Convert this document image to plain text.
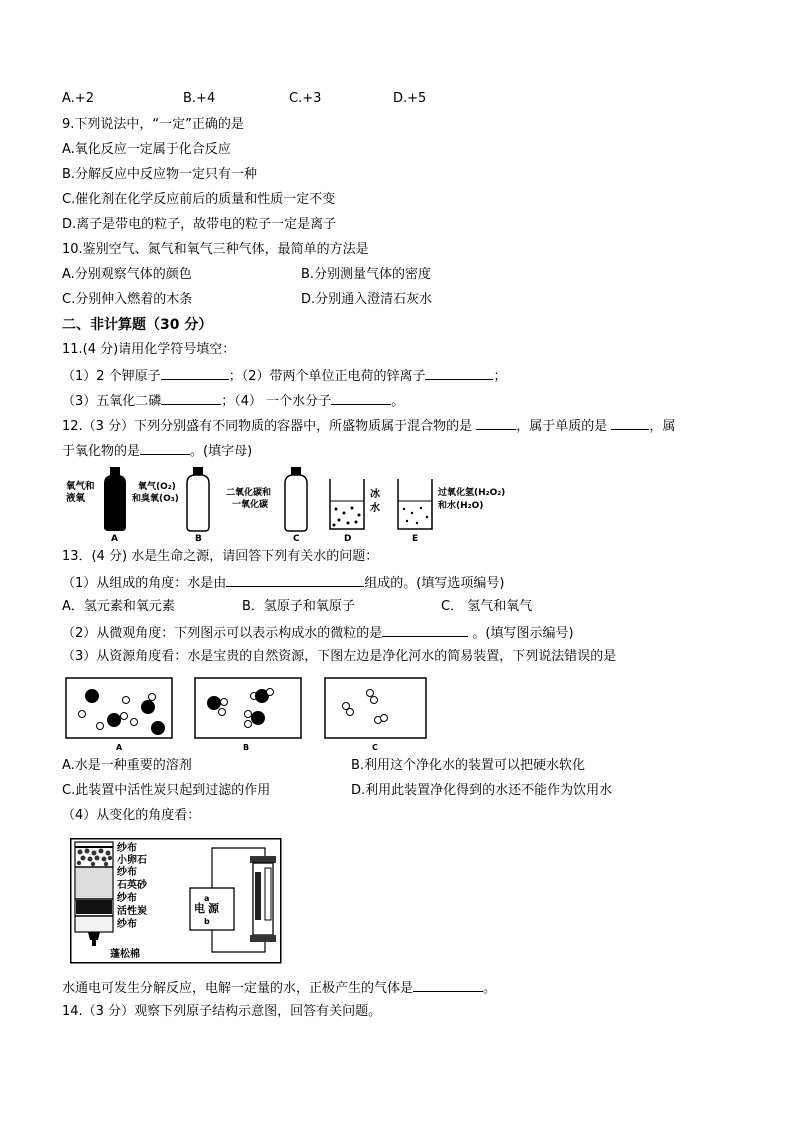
A.+2	B.+4	C.+3	D.+5
9.下列说法中，“一定”正确的是
A.氧化反应一定属于化合反应
B.分解反应中反应物一定只有一种
C.催化剂在化学反应前后的质量和性质一定不变
D.离子是带电的粒子，故带电的粒子一定是离子
10.鉴别空气、氮气和氧气三种气体，最简单的方法是
A.分别观察气体的颜色	B.分别测量气体的密度
C.分别伸入燃着的木条	D.分别通入澄清石灰水
二、非计算题（30 分）
11.(4 分)请用化学符号填空：
（1）2 个钾原子	；（2）带两个单位正电荷的锌离子	；
（3）五氧化二磷	；（4） 一个水分子	。
12.（3 分）下列分别盛有不同物质的容器中，所盛物质属于混合物的是	，属于单质的是	，属
于氧化物的是	。(填字母)
氧气和
液氧
A
氧气(O₂)
和臭氧(O₃)
B
二氧化碳和
一氧化碳
C
冰
水
D
过氧化氢(H₂O₂)
和水(H₂O)
E
13．(4 分) 水是生命之源，请回答下列有关水的问题：
（1）从组成的角度：水是由	组成的。(填写选项编号)
A．氢元素和氧元素	B．氢原子和氧原子	C． 氢气和氧气
（2）从微观角度：下列图示可以表示构成水的微粒的是	。(填写图示编号)
（3）从资源角度看：水是宝贵的自然资源，下图左边是净化河水的简易装置，下列说法错误的是
A	B	C
A.水是一种重要的溶剂	B.利用这个净化水的装置可以把硬水软化
C.此装置中活性炭只起到过滤的作用	D.利用此装置净化得到的水还不能作为饮用水
（4）从变化的角度看：
纱布
小卵石
纱布
石英砂
纱布
活性炭
纱布
蓬松棉
a
电 源
b
水通电可发生分解反应，电解一定量的水，正极产生的气体是	。
14.（3 分）观察下列原子结构示意图，回答有关问题。
